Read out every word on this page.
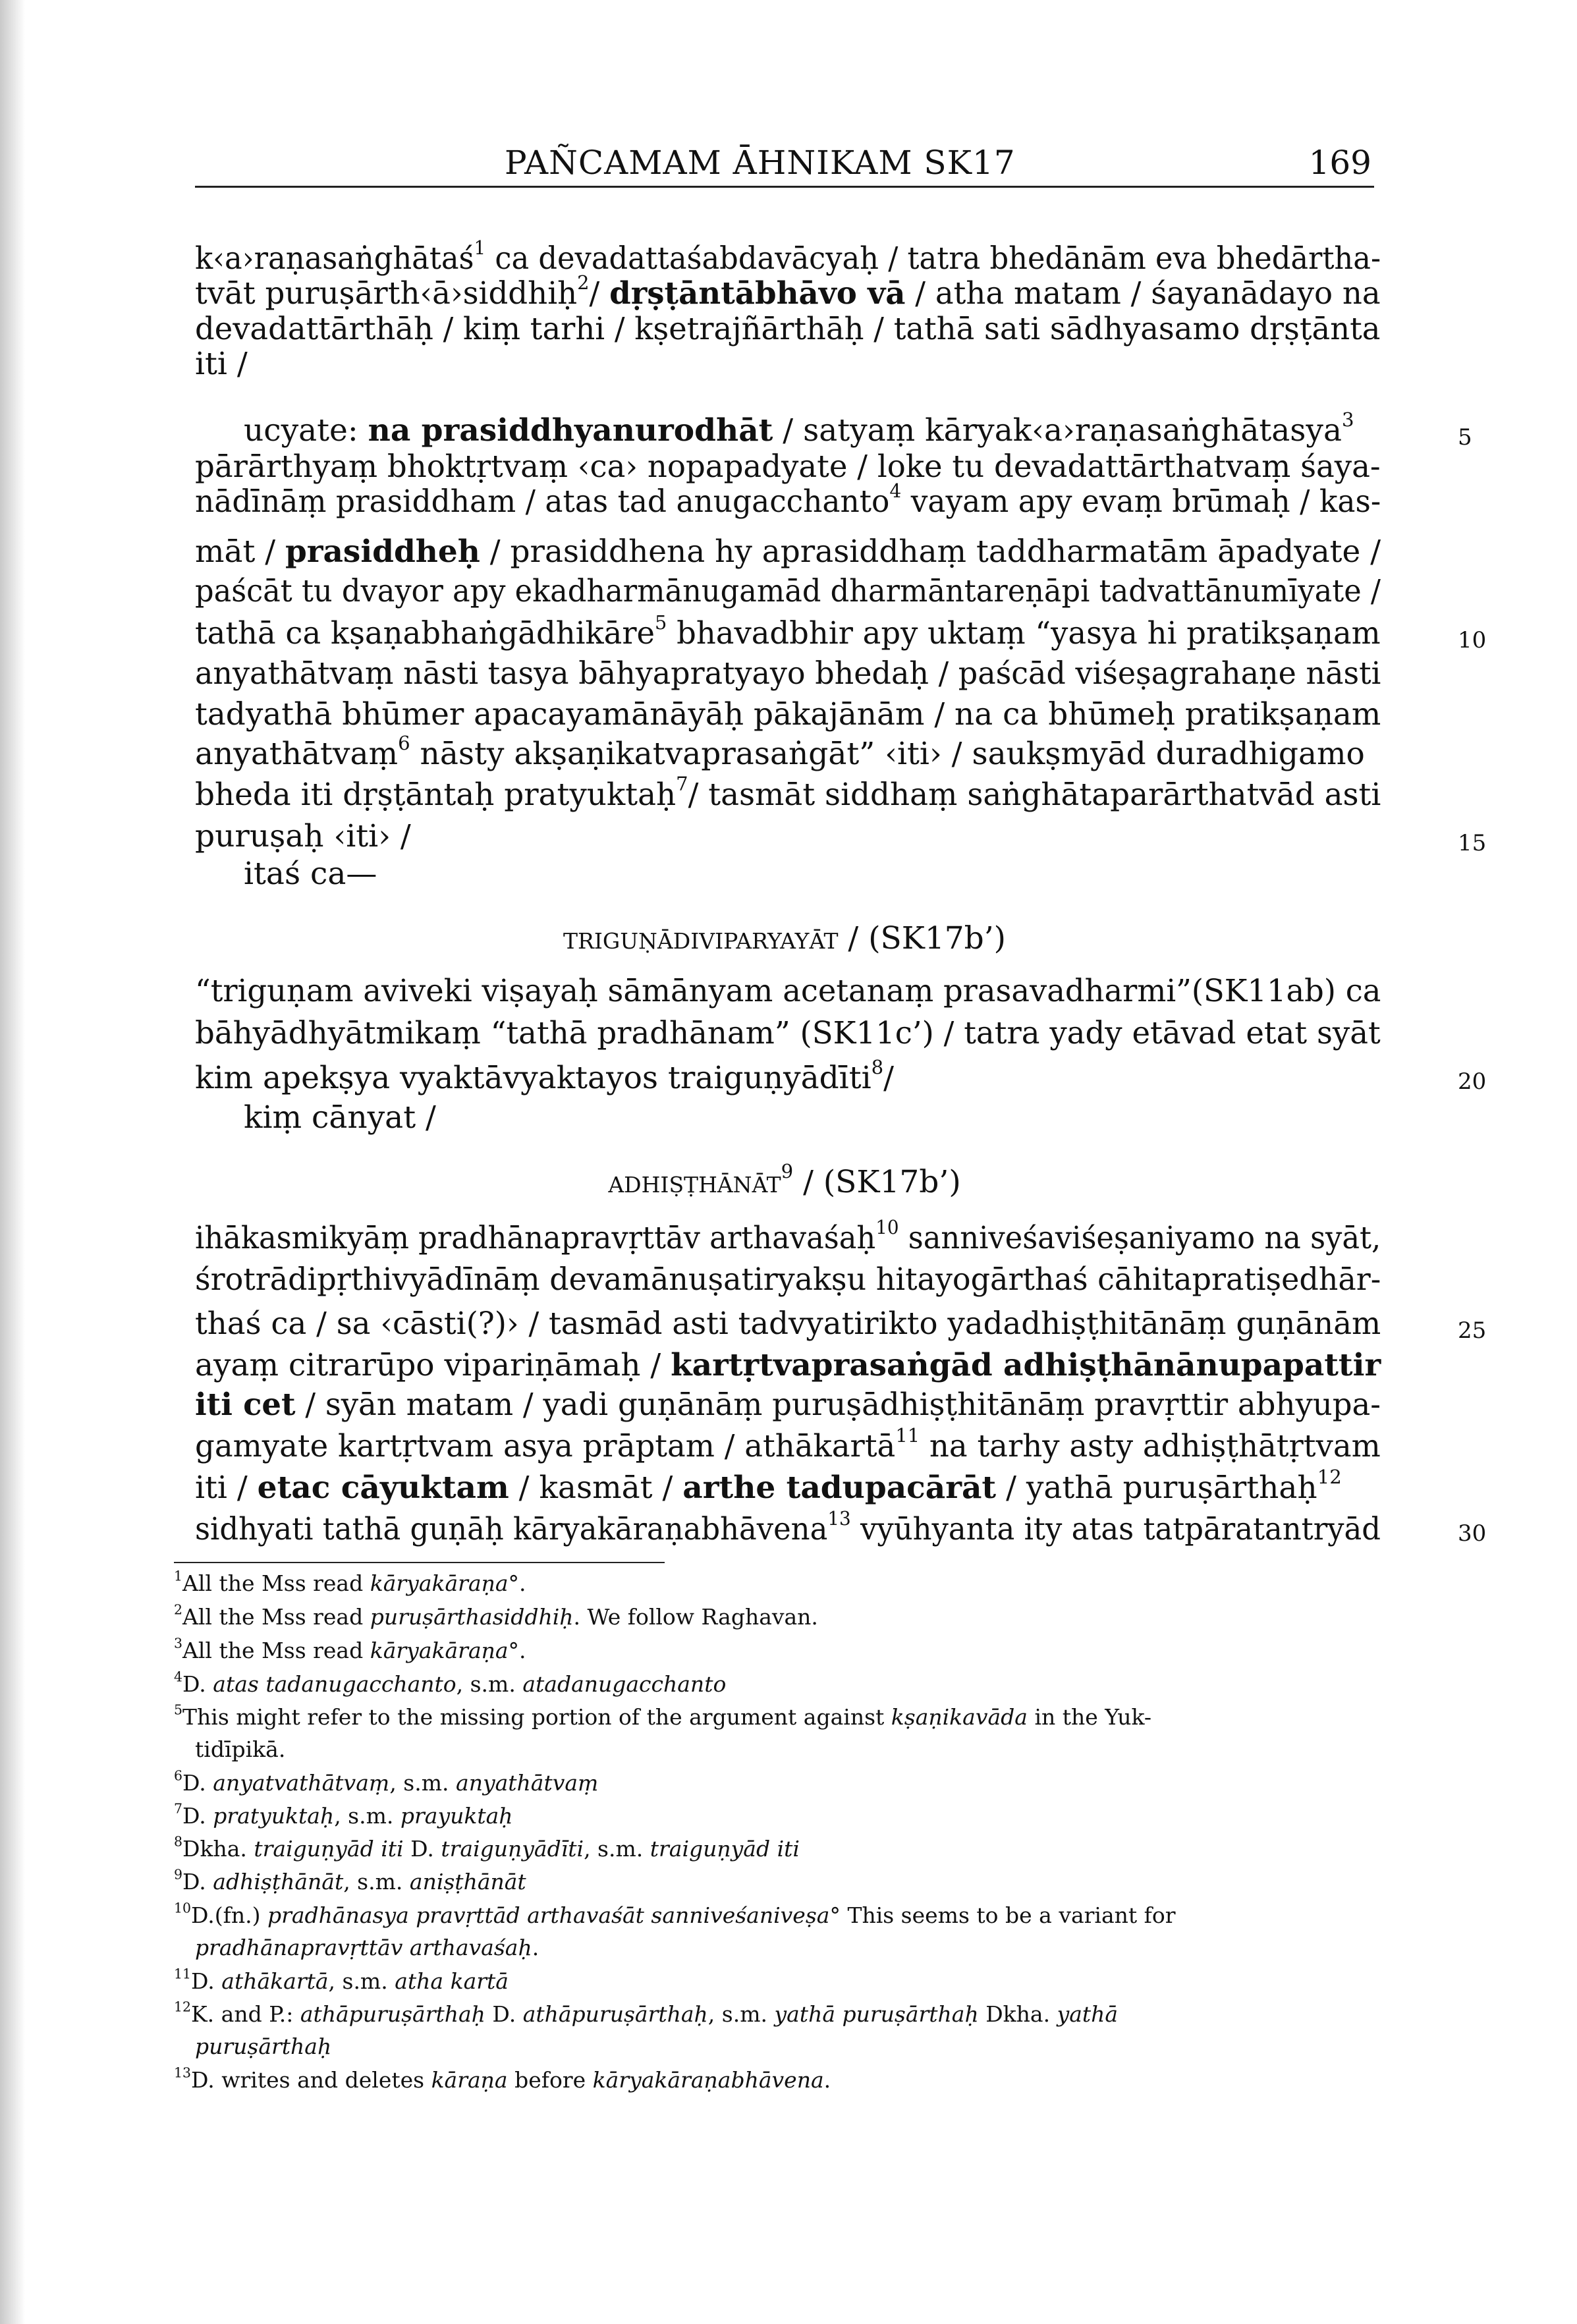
PAÑCAMAM ĀHNIKAM SK17	169
k‹a›raṇasaṅghātaś$^1$ ca devadattaśabdavācyaḥ / tatra bhedānām eva bhedārtha-
tvāt puruṣārth‹ā›siddhiḥ$^2$/ dṛṣṭāntābhāvo vā / atha matam / śayanādayo na
devadattārthāḥ / kiṃ tarhi / kṣetrajñārthāḥ / tathā sati sādhyasamo dṛṣṭānta
iti /
ucyate: na prasiddhyanurodhāt / satyaṃ kāryak‹a›raṇasaṅghātasya$^3$
pārārthyaṃ bhoktṛtvaṃ ‹ca› nopapadyate / loke tu devadattārthatvaṃ śaya-
nādīnāṃ prasiddham / atas tad anugacchanto$^4$ vayam apy evaṃ brūmaḥ / kas-
māt / prasiddheḥ / prasiddhena hy aprasiddhaṃ taddharmatām āpadyate /
paścāt tu dvayor apy ekadharmānugamād dharmāntareṇāpi tadvattānumīyate /
tathā ca kṣaṇabhaṅgādhikāre$^5$ bhavadbhir apy uktaṃ “yasya hi pratikṣaṇam
anyathātvaṃ nāsti tasya bāhyapratyayo bhedaḥ / paścād viśeṣagrahaṇe nāsti
tadyathā bhūmer apacayamānāyāḥ pākajānām / na ca bhūmeḥ pratikṣaṇam
anyathātvaṃ$^6$ nāsty akṣaṇikatvaprasaṅgāt” ‹iti› / saukṣmyād duradhigamo
bheda iti dṛṣṭāntaḥ pratyuktaḥ$^7$/ tasmāt siddhaṃ saṅghātaparārthatvād asti
puruṣaḥ ‹iti› /
itaś ca—
triguṇādiviparyayāt / (SK17b’)
“triguṇam aviveki viṣayaḥ sāmānyam acetanaṃ prasavadharmi”(SK11ab) ca
bāhyādhyātmikaṃ “tathā pradhānam” (SK11c’) / tatra yady etāvad etat syāt
kim apekṣya vyaktāvyaktayos traiguṇyādīti$^8$/
kiṃ cānyat /
adhiṣṭhānāt$^9$ / (SK17b’)
ihākasmikyāṃ pradhānapravṛttāv arthavaśaḥ$^{10}$ sanniveśaviśeṣaniyamo na syāt,
śrotrādipṛthivyādīnāṃ devamānuṣatiryakṣu hitayogārthaś cāhitapratiṣedhār-
thaś ca / sa ‹cāsti(?)› / tasmād asti tadvyatirikto yadadhiṣṭhitānāṃ guṇānām
ayaṃ citrarūpo vipariṇāmaḥ / kartṛtvaprasaṅgād adhiṣṭhānānupapattir
iti cet / syān matam / yadi guṇānāṃ puruṣādhiṣṭhitānāṃ pravṛttir abhyupa-
gamyate kartṛtvam asya prāptam / athākartā$^{11}$ na tarhy asty adhiṣṭhātṛtvam
iti / etac cāyuktam / kasmāt / arthe tadupacārāt / yathā puruṣārthaḥ$^{12}$
sidhyati tathā guṇāḥ kāryakāraṇabhāvena$^{13}$ vyūhyanta ity atas tatpāratantryād
5
10
15
20
25
30
$^1$All the Mss read kāryakāraṇa°.
$^2$All the Mss read puruṣārthasiddhiḥ. We follow Raghavan.
$^3$All the Mss read kāryakāraṇa°.
$^4$D. atas tadanugacchanto, s.m. atadanugacchanto
$^5$This might refer to the missing portion of the argument against kṣaṇikavāda in the Yuk-
tidīpikā.
$^6$D. anyatvathātvaṃ, s.m. anyathātvaṃ
$^7$D. pratyuktaḥ, s.m. prayuktaḥ
$^8$Dkha. traiguṇyād iti D. traiguṇyādīti, s.m. traiguṇyād iti
$^9$D. adhiṣṭhānāt, s.m. aniṣṭhānāt
$^{10}$D.(fn.) pradhānasya pravṛttād arthavaśāt sanniveśaniveṣa° This seems to be a variant for
pradhānapravṛttāv arthavaśaḥ.
$^{11}$D. athākartā, s.m. atha kartā
$^{12}$K. and P.: athāpuruṣārthaḥ D. athāpuruṣārthaḥ, s.m. yathā puruṣārthaḥ Dkha. yathā
puruṣārthaḥ
$^{13}$D. writes and deletes kāraṇa before kāryakāraṇabhāvena.
